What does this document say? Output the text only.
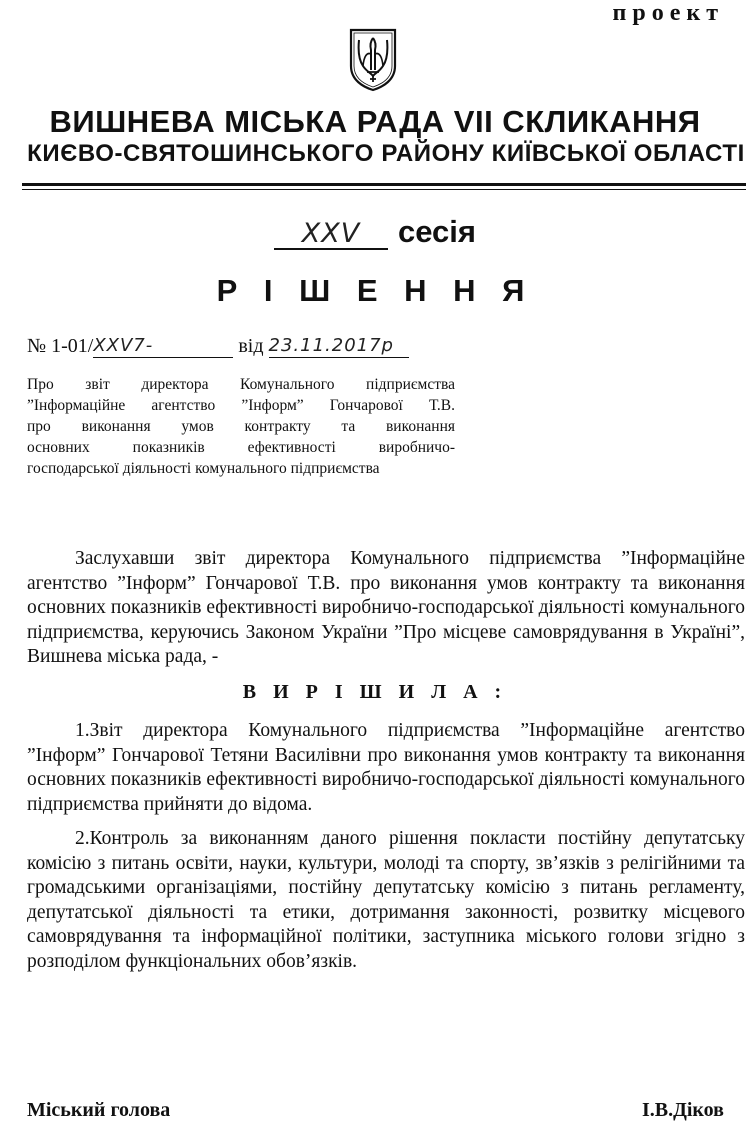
проект
ВИШНЕВА МІСЬКА РАДА VII СКЛИКАННЯ
КИЄВО-СВЯТОШИНСЬКОГО РАЙОНУ КИЇВСЬКОЇ ОБЛАСТІ
XXV сесія
Р І Ш Е Н Н Я
№ 1-01/XXV7-	від 23.11.2017р
Про звіт директора Комунального підприємства
”Інформаційне агентство ”Інформ” Гончарової Т.В.
про виконання умов контракту та виконання
основних показників ефективності виробничо-
господарської діяльності комунального підприємства
Заслухавши звіт директора Комунального підприємства ”Інформаційне агентство ”Інформ” Гончарової Т.В. про виконання умов контракту та виконання основних показників ефективності виробничо-господарської діяльності комунального підприємства, керуючись Законом України ”Про місцеве самоврядування в Україні”, Вишнева міська рада, -
В И Р І Ш И Л А :
1.Звіт директора Комунального підприємства ”Інформаційне агентство ”Інформ” Гончарової Тетяни Василівни про виконання умов контракту та виконання основних показників ефективності виробничо-господарської діяльності комунального підприємства прийняти до відома.
2.Контроль за виконанням даного рішення покласти постійну депутатську комісію з питань освіти, науки, культури, молоді та спорту, зв’язків з релігійними та громадськими організаціями, постійну депутатську комісію з питань регламенту, депутатської діяльності та етики, дотримання законності, розвитку місцевого самоврядування та інформаційної політики, заступника міського голови згідно з розподілом функціональних обов’язків.
Міський голова	І.В.Діков
